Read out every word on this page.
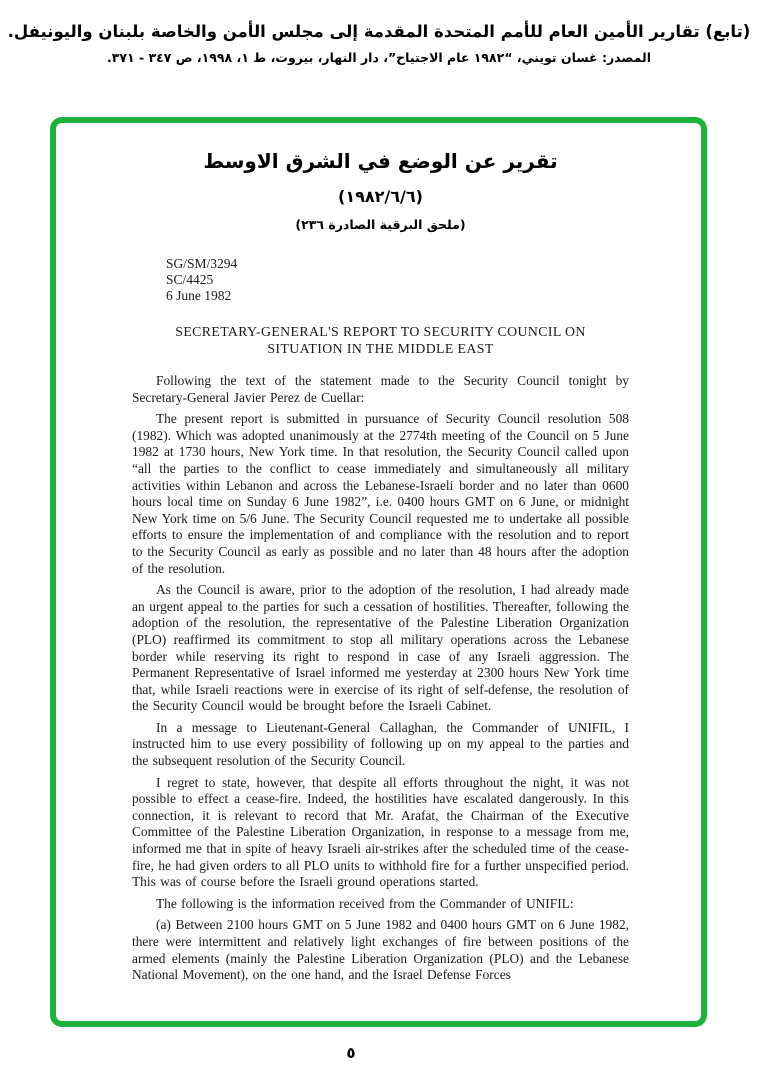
(تابع) تقارير الأمين العام للأمم المتحدة المقدمة إلى مجلس الأمن والخاصة بلبنان واليونيفل.
المصدر: غسان تويني، “١٩٨٢ عام الاجتياح”، دار النهار، بيروت، ط ١، ١٩٩٨، ص ٣٤٧ - ٣٧١.
تقرير عن الوضع في الشرق الاوسط
(١٩٨٢/٦/٦)
(ملحق البرقية الصادرة ٢٣٦)
SG/SM/3294
SC/4425
6 June 1982
SECRETARY-GENERAL'S REPORT TO SECURITY COUNCIL ON
SITUATION IN THE MIDDLE EAST

Following the text of the statement made to the Security Council tonight by Secretary-General Javier Perez de Cuellar:

The present report is submitted in pursuance of Security Council resolution 508 (1982). Which was adopted unanimously at the 2774th meeting of the Council on 5 June 1982 at 1730 hours, New York time. In that resolution, the Security Council called upon “all the parties to the conflict to cease immediately and simultaneously all military activities within Lebanon and across the Lebanese-Israeli border and no later than 0600 hours local time on Sunday 6 June 1982”, i.e. 0400 hours GMT on 6 June, or midnight New York time on 5/6 June. The Security Council requested me to undertake all possible efforts to ensure the implementation of and compliance with the resolution and to report to the Security Council as early as possible and no later than 48 hours after the adoption of the resolution.

As the Council is aware, prior to the adoption of the resolution, I had already made an urgent appeal to the parties for such a cessation of hostilities. Thereafter, following the adoption of the resolution, the representative of the Palestine Liberation Organization (PLO) reaffirmed its commitment to stop all military operations across the Lebanese border while reserving its right to respond in case of any Israeli aggression. The Permanent Representative of Israel informed me yesterday at 2300 hours New York time that, while Israeli reactions were in exercise of its right of self-defense, the resolution of the Security Council would be brought before the Israeli Cabinet.

In a message to Lieutenant-General Callaghan, the Commander of UNIFIL, I instructed him to use every possibility of following up on my appeal to the parties and the subsequent resolution of the Security Council.

I regret to state, however, that despite all efforts throughout the night, it was not possible to effect a cease-fire. Indeed, the hostilities have escalated dangerously. In this connection, it is relevant to record that Mr. Arafat, the Chairman of the Executive Committee of the Palestine Liberation Organization, in response to a message from me, informed me that in spite of heavy Israeli air-strikes after the scheduled time of the cease-fire, he had given orders to all PLO units to withhold fire for a further unspecified period. This was of course before the Israeli ground operations started.

The following is the information received from the Commander of UNIFIL:

(a) Between 2100 hours GMT on 5 June 1982 and 0400 hours GMT on 6 June 1982, there were intermittent and relatively light exchanges of fire between positions of the armed elements (mainly the Palestine Liberation Organization (PLO) and the Lebanese National Movement), on the one hand, and the Israel Defense Forces

٥
